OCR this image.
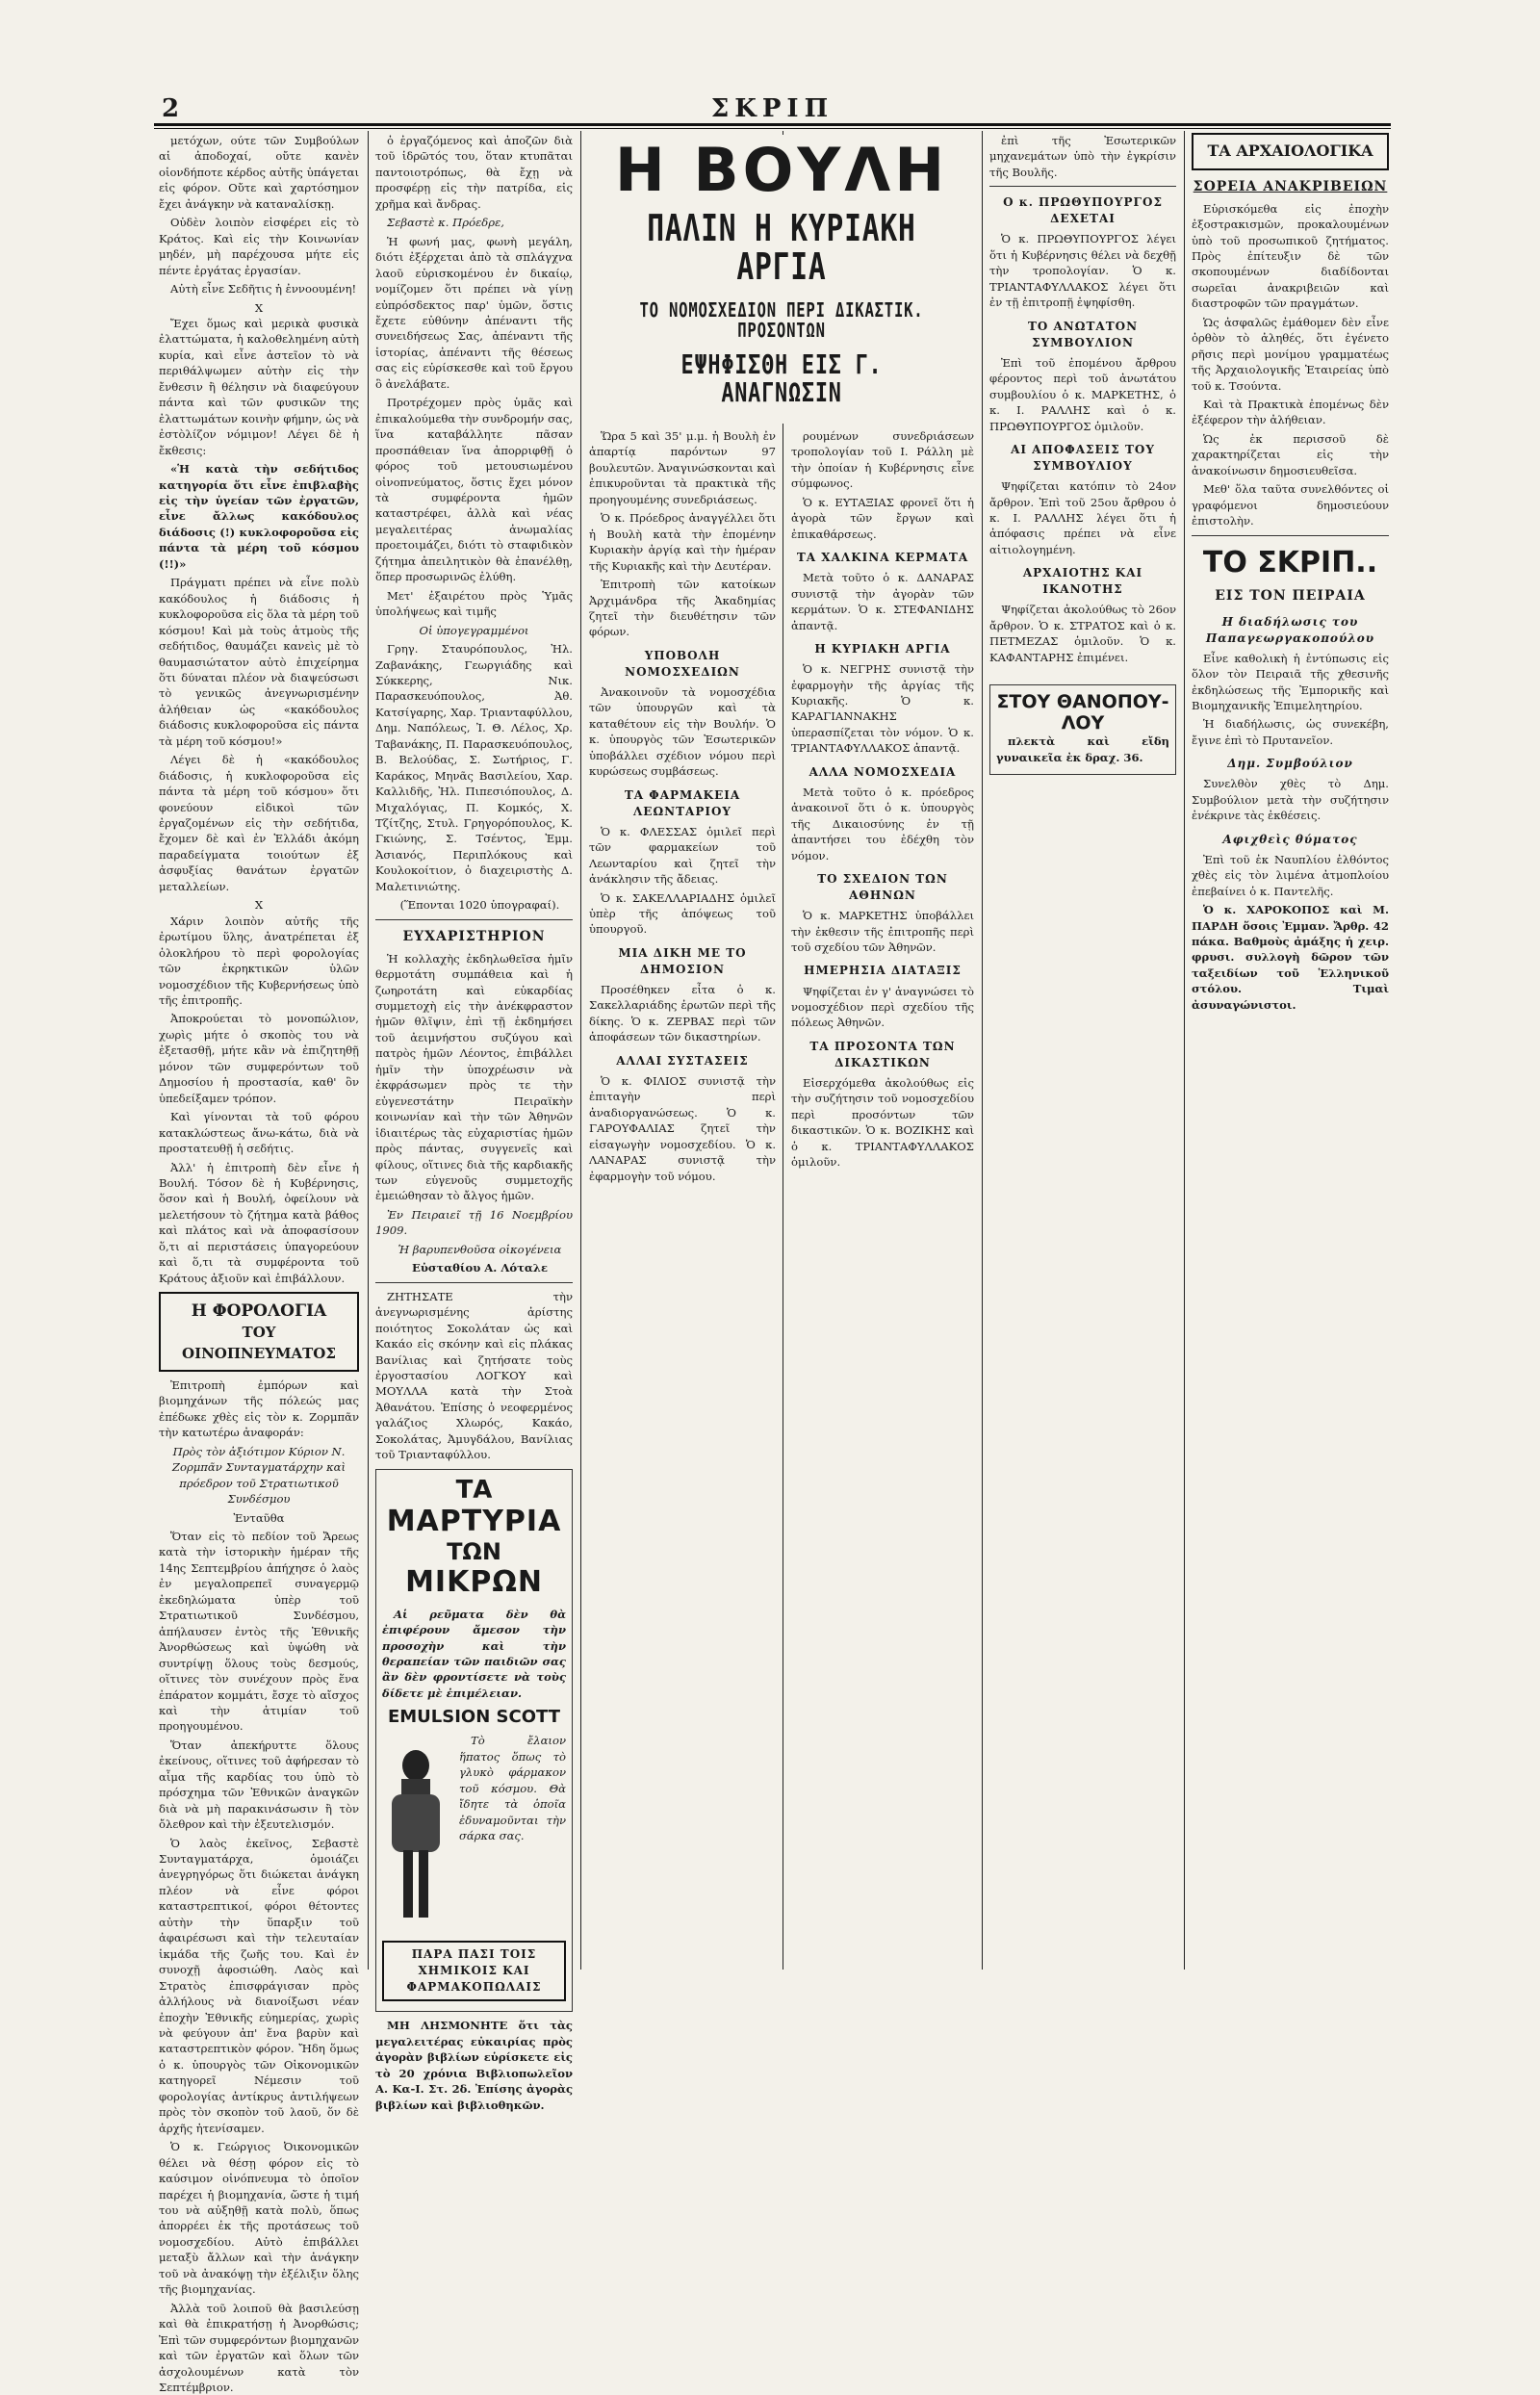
2	ΣΚΡΙΠ

μετόχων, ούτε τῶν Συμβούλων αἱ ἀποδοχαί, οὔτε κανὲν οἱονδήποτε κέρδος αὐτῆς ὑπάγεται εἰς φόρον. Οὔτε καὶ χαρτόσημον ἔχει ἀνάγκην νὰ καταναλίσκῃ.

Οὐδὲν λοιπὸν εἰσφέρει εἰς τὸ Κράτος. Καὶ εἰς τὴν Κοινωνίαν μηδέν, μὴ παρέχουσα μήτε εἰς πέντε ἐργάτας ἐργασίαν.

Αὐτὴ εἶνε Σεδῆτις ἡ ἐννοουμένη!

Χ

Ἔχει ὅμως καὶ μερικὰ φυσικὰ ἐλαττώματα, ἡ καλοθελημένη αὐτὴ κυρία, καὶ εἶνε ἀστεῖον τὸ νὰ περιθάλψωμεν αὐτὴν εἰς τὴν ἔνθεσιν ἢ θέλησιν νὰ διαφεύγουν πάντα καὶ τῶν φυσικῶν της ἐλαττωμάτων κοινὴν φήμην, ὡς νὰ ἐστὸλίζον νόμιμον! Λέγει δὲ ἡ ἔκθεσις:

«Ἡ κατὰ τὴν σεδήτιδος κατηγορία ὅτι εἶνε ἐπιβλαβὴς εἰς τὴν ὑγείαν τῶν ἐργατῶν, εἶνε ἄλλως κακόδουλος διάδοσις (!) κυκλοφοροῦσα εἰς πάντα τὰ μέρη τοῦ κόσμου (!!)»

Πράγματι πρέπει νὰ εἶνε πολὺ κακόδουλος ἡ διάδοσις ἡ κυκλοφοροῦσα εἰς ὅλα τὰ μέρη τοῦ κόσμου! Καὶ μὰ τοὺς ἀτμοὺς τῆς σεδήτιδος, θαυμάζει κανεὶς μὲ τὸ θαυμασιώτατον αὐτὸ ἐπιχείρημα ὅτι δύναται πλέον νὰ διαψεύσωσι τὸ γενικῶς ἀνεγνωρισμένην ἀλήθειαν ὡς «κακόδουλος διάδοσις κυκλοφοροῦσα εἰς πάντα τὰ μέρη τοῦ κόσμου!»

Λέγει δὲ ἡ «κακόδουλος διάδοσις, ἡ κυκλοφοροῦσα εἰς πάντα τὰ μέρη τοῦ κόσμου» ὅτι φονεύουν εἰδικοὶ τῶν ἐργαζομένων εἰς τὴν σεδήτιδα, ἔχομεν δὲ καὶ ἐν Ἑλλάδι ἀκόμη παραδείγματα τοιούτων ἐξ ἀσφυξίας θανάτων ἐργατῶν μεταλλείων.

Χ

Χάριν λοιπὸν αὐτῆς τῆς ἐρωτίμου ὕλης, ἀνατρέπεται ἐξ ὁλοκλήρου τὸ περὶ φορολογίας τῶν ἐκρηκτικῶν ὑλῶν νομοσχέδιον τῆς Κυβερνήσεως ὑπὸ τῆς ἐπιτροπῆς.

Ἀποκρούεται τὸ μονοπώλιον, χωρὶς μήτε ὁ σκοπὸς του νὰ ἐξετασθῇ, μήτε κἂν νὰ ἐπιζητηθῇ μόνον τῶν συμφερόντων τοῦ Δημοσίου ἡ προστασία, καθ' ὃν ὑπεδείξαμεν τρόπον.

Καὶ γίνονται τὰ τοῦ φόρου κατακλώστεως ἄνω-κάτω, διὰ νὰ προστατευθῇ ἡ σεδήτις.

Ἀλλ' ἡ ἐπιτροπὴ δὲν εἶνε ἡ Βουλή. Τόσον δὲ ἡ Κυβέρνησις, ὅσον καὶ ἡ Βουλή, ὀφείλουν νὰ μελετήσουν τὸ ζήτημα κατὰ βάθος καὶ πλάτος καὶ νὰ ἀποφασίσουν ὅ,τι αἱ περιστάσεις ὑπαγορεύουν καὶ ὅ,τι τὰ συμφέροντα τοῦ Κράτους ἀξιοῦν καὶ ἐπιβάλλουν.

Η ΦΟΡΟΛΟΓΙΑ
ΤΟΥ ΟΙΝΟΠΝΕΥΜΑΤΟΣ

Ἐπιτροπὴ ἐμπόρων καὶ βιομηχάνων τῆς πόλεώς μας ἐπέδωκε χθὲς εἰς τὸν κ. Ζορμπᾶν τὴν κατωτέρω ἀναφοράν:

Πρὸς τὸν ἀξιότιμον Κύριον Ν. Ζορμπᾶν Συνταγματάρχην καὶ πρόεδρον τοῦ Στρατιωτικοῦ Συνδέσμου

Ἐνταῦθα

Ὅταν εἰς τὸ πεδίον τοῦ Ἄρεως κατὰ τὴν ἱστορικὴν ἡμέραν τῆς 14ης Σεπτεμβρίου ἀπήχησε ὁ λαὸς ἐν μεγαλοπρεπεῖ συναγερμῷ ἐκεδηλώματα ὑπὲρ τοῦ Στρατιωτικοῦ Συνδέσμου, ἀπήλαυσεν ἐντὸς τῆς Ἐθνικῆς Ἀνορθώσεως καὶ ὑψώθη νὰ συντρίψῃ ὅλους τοὺς δεσμούς, οἵτινες τὸν συνέχουν πρὸς ἕνα ἐπάρατον κομμάτι, ἔσχε τὸ αἴσχος καὶ τὴν ἀτιμίαν τοῦ προηγουμένου.

Ὅταν ἀπεκήρυττε ὅλους ἐκείνους, οἵτινες τοῦ ἀφήρεσαν τὸ αἷμα τῆς καρδίας του ὑπὸ τὸ πρόσχημα τῶν Ἐθνικῶν ἀναγκῶν διὰ νὰ μὴ παρακινάσωσιν ἢ τὸν ὄλεθρον καὶ τὴν ἐξευτελισμόν.

Ὁ λαὸς ἐκεῖνος, Σεβαστὲ Συνταγματάρχα, ὁμοιάζει ἀνεγρηγόρως ὅτι διώκεται ἀνάγκη πλέον νὰ εἶνε φόροι καταστρεπτικοί, φόροι θέτοντες αὐτὴν τὴν ὕπαρξιν τοῦ ἀφαιρέσωσι καὶ τὴν τελευταίαν ἰκμάδα τῆς ζωῆς του. Καὶ ἐν συνοχῇ ἀφοσιώθη. Λαὸς καὶ Στρατὸς ἐπισφράγισαν πρὸς ἀλλήλους νὰ διανοίξωσι νέαν ἐποχὴν Ἐθνικῆς εὐημερίας, χωρὶς νὰ φεύγουν ἀπ' ἔνα βαρὺν καὶ καταστρεπτικὸν φόρον. Ἤδη ὅμως ὁ κ. ὑπουργὸς τῶν Οἰκονομικῶν κατηγορεῖ Νέμεσιν τοῦ φορολογίας ἀντίκρυς ἀντιλήψεων πρὸς τὸν σκοπὸν τοῦ λαοῦ, ὅν δὲ ἀρχῆς ἠτενίσαμεν.

Ὁ κ. Γεώργιος Ὀικονομικῶν θέλει νὰ θέσῃ φόρον εἰς τὸ καύσιμον οἰνόπνευμα τὸ ὁποῖον παρέχει ἡ βιομηχανία, ὥστε ἡ τιμή του νὰ αὐξηθῇ κατὰ πολὺ, ὅπως ἀπορρέει ἐκ τῆς προτάσεως τοῦ νομοσχεδίου. Αὐτὸ ἐπιβάλλει μεταξὺ ἄλλων καὶ τὴν ἀνάγκην τοῦ νὰ ἀνακόψῃ τὴν ἐξέλιξιν ὅλης τῆς βιομηχανίας.

Ἀλλὰ τοῦ λοιποῦ θὰ βασιλεύσῃ καὶ θὰ ἐπικρατήσῃ ἡ Ἀνορθώσις; Ἐπὶ τῶν συμφερόντων βιομηχανῶν καὶ τῶν ἐργατῶν καὶ ὅλων τῶν ἀσχολουμένων κατὰ τὸν Σεπτέμβριον.

ὁ ἐργαζόμενος καὶ ἀποζῶν διὰ τοῦ ἱδρῶτός του, ὅταν κτυπᾶται παντοιοτρόπως, θὰ ἔχῃ νὰ προσφέρῃ εἰς τὴν πατρίδα, εἰς χρῆμα καὶ ἄνδρας.

Σεβαστὲ κ. Πρόεδρε,

Ἡ φωνή μας, φωνὴ μεγάλη, διότι ἐξέρχεται ἀπὸ τὰ σπλάγχνα λαοῦ εὑρισκομένου ἐν δικαίῳ, νομίζομεν ὅτι πρέπει νὰ γίνῃ εὐπρόσδεκτος παρ' ὑμῶν, ὅστις ἔχετε εὐθύνην ἀπέναντι τῆς συνειδήσεως Σας, ἀπέναντι τῆς ἱστορίας, ἀπέναντι τῆς θέσεως σας εἰς εὐρίσκεσθε καὶ τοῦ ἔργου ὃ ἀνελάβατε.

Προτρέχομεν πρὸς ὑμᾶς καὶ ἐπικαλούμεθα τὴν συνδρομήν σας, ἵνα καταβάλλητε πᾶσαν προσπάθειαν ἵνα ἀπορριφθῇ ὁ φόρος τοῦ μετουσιωμένου οἰνοπνεύματος, ὅστις ἔχει μόνον τὰ συμφέροντα ἡμῶν καταστρέφει, ἀλλὰ καὶ νέας μεγαλειτέρας ἀνωμαλίας προετοιμάζει, διότι τὸ σταφιδικὸν ζήτημα ἀπειλητικὸν θὰ ἐπανέλθῃ, ὅπερ προσωρινῶς ἐλύθη.

Μετ' ἐξαιρέτου πρὸς Ὑμᾶς ὑπολήψεως καὶ τιμῆς

Οἱ ὑπογεγραμμένοι

Γρηγ. Σταυρόπουλος, Ἠλ. Ζαβανάκης, Γεωργιάδης καὶ Σύκκερης, Νικ. Παρασκευόπουλος, Ἀθ. Κατσίγαρης, Χαρ. Τριανταφύλλου, Δημ. Ναπόλεως, Ἰ. Θ. Λέλος, Χρ. Ταβανάκης, Π. Παρασκευόπουλος, Β. Βελούδας, Σ. Σωτήριος, Γ. Καράκος, Μηνᾶς Βασιλείου, Χαρ. Καλλιδῆς, Ἠλ. Πιπεσιόπουλος, Δ. Μιχαλόγιας, Π. Κομκός, Χ. Τζίτζης, Στυλ. Γρηγορόπουλος, Κ. Γκιώνης, Σ. Τσέντος, Ἐμμ. Ἀσιανός, Περιπλόκους καὶ Κουλοκοίτιον, ὁ διαχειριστὴς Δ. Μαλετινιώτης.

(Ἕπονται 1020 ὑπογραφαί).

ΕΥΧΑΡΙΣΤΗΡΙΟΝ

Ἡ κολλαχὴς ἐκδηλωθεῖσα ἡμῖν θερμοτάτη συμπάθεια καὶ ἡ ζωηροτάτη καὶ εὐκαρδίας συμμετοχὴ εἰς τὴν ἀνέκφραστον ἡμῶν θλῖψιν, ἐπὶ τῇ ἐκδημήσει τοῦ ἀειμνήστου συζύγου καὶ πατρὸς ἡμῶν Λέοντος, ἐπιβάλλει ἡμῖν τὴν ὑποχρέωσιν νὰ ἐκφράσωμεν πρὸς τε τὴν εὐγενεστάτην Πειραϊκὴν κοινωνίαν καὶ τὴν τῶν Ἀθηνῶν ἰδιαιτέρως τὰς εὐχαριστίας ἡμῶν πρὸς πάντας, συγγενεῖς καὶ φίλους, οἵτινες διὰ τῆς καρδιακῆς των εὐγενοῦς συμμετοχῆς ἐμειώθησαν τὸ ἄλγος ἡμῶν.

Ἐν Πειραιεῖ τῇ 16 Νοεμβρίου 1909.

Ἡ βαρυπενθοῦσα οἰκογένεια

Εὐσταθίου Α. Λόταλε

ΖΗΤΗΣΑΤΕ τὴν ἀνεγνωρισμένης ἀρίστης ποιότητος Σοκολάταν ὡς καὶ Κακάο εἰς σκόνην καὶ εἰς πλάκας Βανίλιας καὶ ζητήσατε τοὺς ἐργοστασίου ΛΟΓΚΟΥ καὶ ΜΟΥΛΛΑ κατὰ τὴν Στοὰ Ἀθανάτου. Ἐπίσης ὁ νεοφερμένος γαλάζιος Χλωρός, Κακάο, Σοκολάτας, Ἀμυγδάλου, Βανίλιας τοῦ Τριανταφύλλου.

ΤΑ
ΜΑΡΤΥΡΙΑ
ΤΩΝ
ΜΙΚΡΩΝ

Αἱ ρεῦματα δὲν θὰ ἐπιφέρουν ἄμεσον τὴν προσοχὴν καὶ τὴν θεραπείαν τῶν παιδιῶν σας ἂν δὲν φροντίσετε νὰ τοὺς δίδετε μὲ ἐπιμέλειαν.

EMULSION SCOTT

Τὸ ἔλαιον ἥπατος ὅπως τὸ γλυκὸ φάρμακον τοῦ κόσμου. Θὰ ἴδητε τὰ ὁποῖα ἐδυναμοῦνται τὴν σάρκα σας.

ΠΑΡΑ ΠΑΣΙ ΤΟΙΣ ΧΗΜΙΚΟΙΣ ΚΑΙ ΦΑΡΜΑΚΟΠΩΛΑΙΣ

ΜΗ ΛΗΣΜΟΝΗΤΕ ὅτι τὰς μεγαλειτέρας εὐκαιρίας πρὸς ἀγορὰν βιβλίων εὑρίσκετε εἰς τὸ 20 χρόνια Βιβλιοπωλεῖον Α. Κα-Ι. Στ. 2δ. Ἐπίσης ἀγορὰς βιβλίων καὶ βιβλιοθηκῶν.

Η ΒΟΥΛΗ
ΠΑΛΙΝ Η ΚΥΡΙΑΚΗ ΑΡΓΙΑ
ΤΟ ΝΟΜΟΣΧΕΔΙΟΝ ΠΕΡΙ ΔΙΚΑΣΤΙΚ. ΠΡΟΣΟΝΤΩΝ
ΕΨΗΦΙΣΘΗ ΕΙΣ Γ. ΑΝΑΓΝΩΣΙΝ

Ὥρα 5 καὶ 35' μ.μ. ἡ Βουλὴ ἐν ἀπαρτίᾳ παρόντων 97 βουλευτῶν. Ἀναγινώσκονται καὶ ἐπικυροῦνται τὰ πρακτικὰ τῆς προηγουμένης συνεδριάσεως.

Ὁ κ. Πρόεδρος ἀναγγέλλει ὅτι ἡ Βουλὴ κατὰ τὴν ἐπομένην Κυριακὴν ἀργίᾳ καὶ τὴν ἡμέραν τῆς Κυριακῆς καὶ τὴν Δευτέραν.

Ἐπιτροπὴ τῶν κατοίκων Ἀρχιμάνδρα τῆς Ἀκαδημίας ζητεῖ τὴν διευθέτησιν τῶν φόρων.

ΥΠΟΒΟΛΗ ΝΟΜΟΣΧΕΔΙΩΝ

Ἀνακοινοῦν τὰ νομοσχέδια τῶν ὑπουργῶν καὶ τὰ καταθέτουν εἰς τὴν Βουλήν. Ὁ κ. ὑπουργὸς τῶν Ἐσωτερικῶν ὑποβάλλει σχέδιον νόμου περὶ κυρώσεως συμβάσεως.

ΤΑ ΦΑΡΜΑΚΕΙΑ ΛΕΩΝΤΑΡΙΟΥ

Ὁ κ. ΦΛΕΣΣΑΣ ὁμιλεῖ περὶ τῶν φαρμακείων τοῦ Λεωνταρίου καὶ ζητεῖ τὴν ἀνάκλησιν τῆς ἄδειας.

Ὁ κ. ΣΑΚΕΛΛΑΡΙΑΔΗΣ ὁμιλεῖ ὑπὲρ τῆς ἀπόψεως τοῦ ὑπουργοῦ.

ΜΙΑ ΔΙΚΗ ΜΕ ΤΟ ΔΗΜΟΣΙΟΝ

Προσέθηκεν εἶτα ὁ κ. Σακελλαριάδης ἐρωτῶν περὶ τῆς δίκης. Ὁ κ. ΖΕΡΒΑΣ περὶ τῶν ἀποφάσεων τῶν δικαστηρίων.

ΑΛΛΑΙ ΣΥΣΤΑΣΕΙΣ

Ὁ κ. ΦΙΛΙΟΣ συνιστᾷ τὴν ἐπιταγὴν περὶ ἀναδιοργανώσεως. Ὁ κ. ΓΑΡΟΥΦΑΛΙΑΣ ζητεῖ τὴν εἰσαγωγὴν νομοσχεδίου. Ὁ κ. ΛΑΝΑΡΑΣ συνιστᾷ τὴν ἐφαρμογὴν τοῦ νόμου.

ρουμένων συνεδριάσεων τροπολογίαν τοῦ Ι. Ράλλη μὲ τὴν ὁποίαν ἡ Κυβέρνησις εἶνε σύμφωνος.

Ὁ κ. ΕΥΤΑΞΙΑΣ φρονεῖ ὅτι ἡ ἀγορὰ τῶν ἔργων καὶ ἐπικαθάρσεως.

ΤΑ ΧΑΛΚΙΝΑ ΚΕΡΜΑΤΑ

Μετὰ τοῦτο ὁ κ. ΔΑΝΑΡΑΣ συνιστᾷ τὴν ἀγορὰν τῶν κερμάτων. Ὁ κ. ΣΤΕΦΑΝΙΔΗΣ ἀπαντᾷ.

Η ΚΥΡΙΑΚΗ ΑΡΓΙΑ

Ὁ κ. ΝΕΓΡΗΣ συνιστᾷ τὴν ἐφαρμογὴν τῆς ἀργίας τῆς Κυριακῆς. Ὁ κ. ΚΑΡΑΓΙΑΝΝΑΚΗΣ ὑπερασπίζεται τὸν νόμον. Ὁ κ. ΤΡΙΑΝΤΑΦΥΛΛΑΚΟΣ ἀπαντᾷ.

ΑΛΛΑ ΝΟΜΟΣΧΕΔΙΑ

Μετὰ τοῦτο ὁ κ. πρόεδρος ἀνακοινοῖ ὅτι ὁ κ. ὑπουργὸς τῆς Δικαιοσύνης ἐν τῇ ἀπαντήσει του ἐδέχθη τὸν νόμον.

ΤΟ ΣΧΕΔΙΟΝ ΤΩΝ ΑΘΗΝΩΝ

Ὁ κ. ΜΑΡΚΕΤΗΣ ὑποβάλλει τὴν ἐκθεσιν τῆς ἐπιτροπῆς περὶ τοῦ σχεδίου τῶν Ἀθηνῶν.

ΗΜΕΡΗΣΙΑ ΔΙΑΤΑΞΙΣ

Ψηφίζεται ἐν γ' ἀναγνώσει τὸ νομοσχέδιον περὶ σχεδίου τῆς πόλεως Ἀθηνῶν.

ΤΑ ΠΡΟΣΟΝΤΑ ΤΩΝ ΔΙΚΑΣΤΙΚΩΝ

Εἰσερχόμεθα ἀκολούθως εἰς τὴν συζήτησιν τοῦ νομοσχεδίου περὶ προσόντων τῶν δικαστικῶν. Ὁ κ. ΒΟΖΙΚΗΣ καὶ ὁ κ. ΤΡΙΑΝΤΑΦΥΛΛΑΚΟΣ ὁμιλοῦν.

ἐπὶ τῆς Ἐσωτερικῶν μηχανεμάτων ὑπὸ τὴν ἐγκρίσιν τῆς Βουλῆς.

Ο κ. ΠΡΩΘΥΠΟΥΡΓΟΣ ΔΕΧΕΤΑΙ

Ὁ κ. ΠΡΩΘΥΠΟΥΡΓΟΣ λέγει ὅτι ἡ Κυβέρνησις θέλει νὰ δεχθῇ τὴν τροπολογίαν. Ὁ κ. ΤΡΙΑΝΤΑΦΥΛΛΑΚΟΣ λέγει ὅτι ἐν τῇ ἐπιτροπῇ ἐψηφίσθη.

ΤΟ ΑΝΩΤΑΤΟΝ ΣΥΜΒΟΥΛΙΟΝ

Ἐπὶ τοῦ ἐπομένου ἄρθρου φέροντος περὶ τοῦ ἀνωτάτου συμβουλίου ὁ κ. ΜΑΡΚΕΤΗΣ, ὁ κ. Ι. ΡΑΛΛΗΣ καὶ ὁ κ. ΠΡΩΘΥΠΟΥΡΓΟΣ ὁμιλοῦν.

ΑΙ ΑΠΟΦΑΣΕΙΣ ΤΟΥ ΣΥΜΒΟΥΛΙΟΥ

Ψηφίζεται κατόπιν τὸ 24ον ἄρθρον. Ἐπὶ τοῦ 25ου ἄρθρου ὁ κ. Ι. ΡΑΛΛΗΣ λέγει ὅτι ἡ ἀπόφασις πρέπει νὰ εἶνε αἰτιολογημένη.

ΑΡΧΑΙΟΤΗΣ ΚΑΙ ΙΚΑΝΟΤΗΣ

Ψηφίζεται ἀκολούθως τὸ 26ον ἄρθρον. Ὁ κ. ΣΤΡΑΤΟΣ καὶ ὁ κ. ΠΕΤΜΕΖΑΣ ὁμιλοῦν. Ὁ κ. ΚΑΦΑΝΤΑΡΗΣ ἐπιμένει.

ΣΤΟΥ ΘΑΝΟΠΟΥ-
ΛΟΥ

πλεκτὰ καὶ εἴδη γυναικεῖα ἐκ δραχ. 36.

ΤΑ ΑΡΧΑΙΟΛΟΓΙΚΑ
ΣΟΡΕΙΑ ΑΝΑΚΡΙΒΕΙΩΝ

Εὑρισκόμεθα εἰς ἐποχὴν ἐξοστρακισμῶν, προκαλουμένων ὑπὸ τοῦ προσωπικοῦ ζητήματος. Πρὸς ἐπίτευξιν δὲ τῶν σκοπουμένων διαδίδονται σωρεῖαι ἀνακριβειῶν καὶ διαστροφῶν τῶν πραγμάτων.

Ὡς ἀσφαλῶς ἐμάθομεν δὲν εἶνε ὀρθὸν τὸ ἀληθές, ὅτι ἐγένετο ρῆσις περὶ μονίμου γραμματέως τῆς Ἀρχαιολογικῆς Ἑταιρείας ὑπὸ τοῦ κ. Τσούντα.

Καὶ τὰ Πρακτικὰ ἐπομένως δὲν ἐξέφερον τὴν ἀλήθειαν.

Ὡς ἐκ περισσοῦ δὲ χαρακτηρίζεται εἰς τὴν ἀνακοίνωσιν δημοσιευθεῖσα.

Μεθ' ὅλα ταῦτα συνελθόντες οἱ γραφόμενοι δημοσιεύουν ἐπιστολὴν.

ΤΟ ΣΚΡΙΠ..
ΕΙΣ ΤΟΝ ΠΕΙΡΑΙΑ
Η διαδήλωσις του Παπαγεωργακοπούλου

Εἶνε καθολικὴ ἡ ἐντύπωσις εἰς ὅλον τὸν Πειραιᾶ τῆς χθεσινῆς ἐκδηλώσεως τῆς Ἐμπορικῆς καὶ Βιομηχανικῆς Ἐπιμελητηρίου.

Ἡ διαδήλωσις, ὡς συνεκέβη, ἔγινε ἐπὶ τὸ Πρυτανεῖον.

Δημ. Συμβούλιον

Συνελθὸν χθὲς τὸ Δημ. Συμβούλιον μετὰ τὴν συζήτησιν ἐνέκρινε τὰς ἐκθέσεις.

Αφιχθεὶς θύματος

Ἐπὶ τοῦ ἐκ Ναυπλίου ἐλθόντος χθὲς εἰς τὸν λιμένα ἀτμοπλοίου ἐπεβαίνει ὁ κ. Παντελῆς.

Ὁ κ. ΧΑΡΟΚΟΠΟΣ καὶ Μ. ΠΑΡΔΗ ὅσοις Ἐμμαν. Ἄρθρ. 42 πάκα. Βαθμοὺς ἀμάξης ἡ χειρ. φρυσι. συλλογὴ δῶρον τῶν ταξειδίων τοῦ Ἑλληνικοῦ στόλου. Τιμαὶ ἀσυναγώνιστοι.
